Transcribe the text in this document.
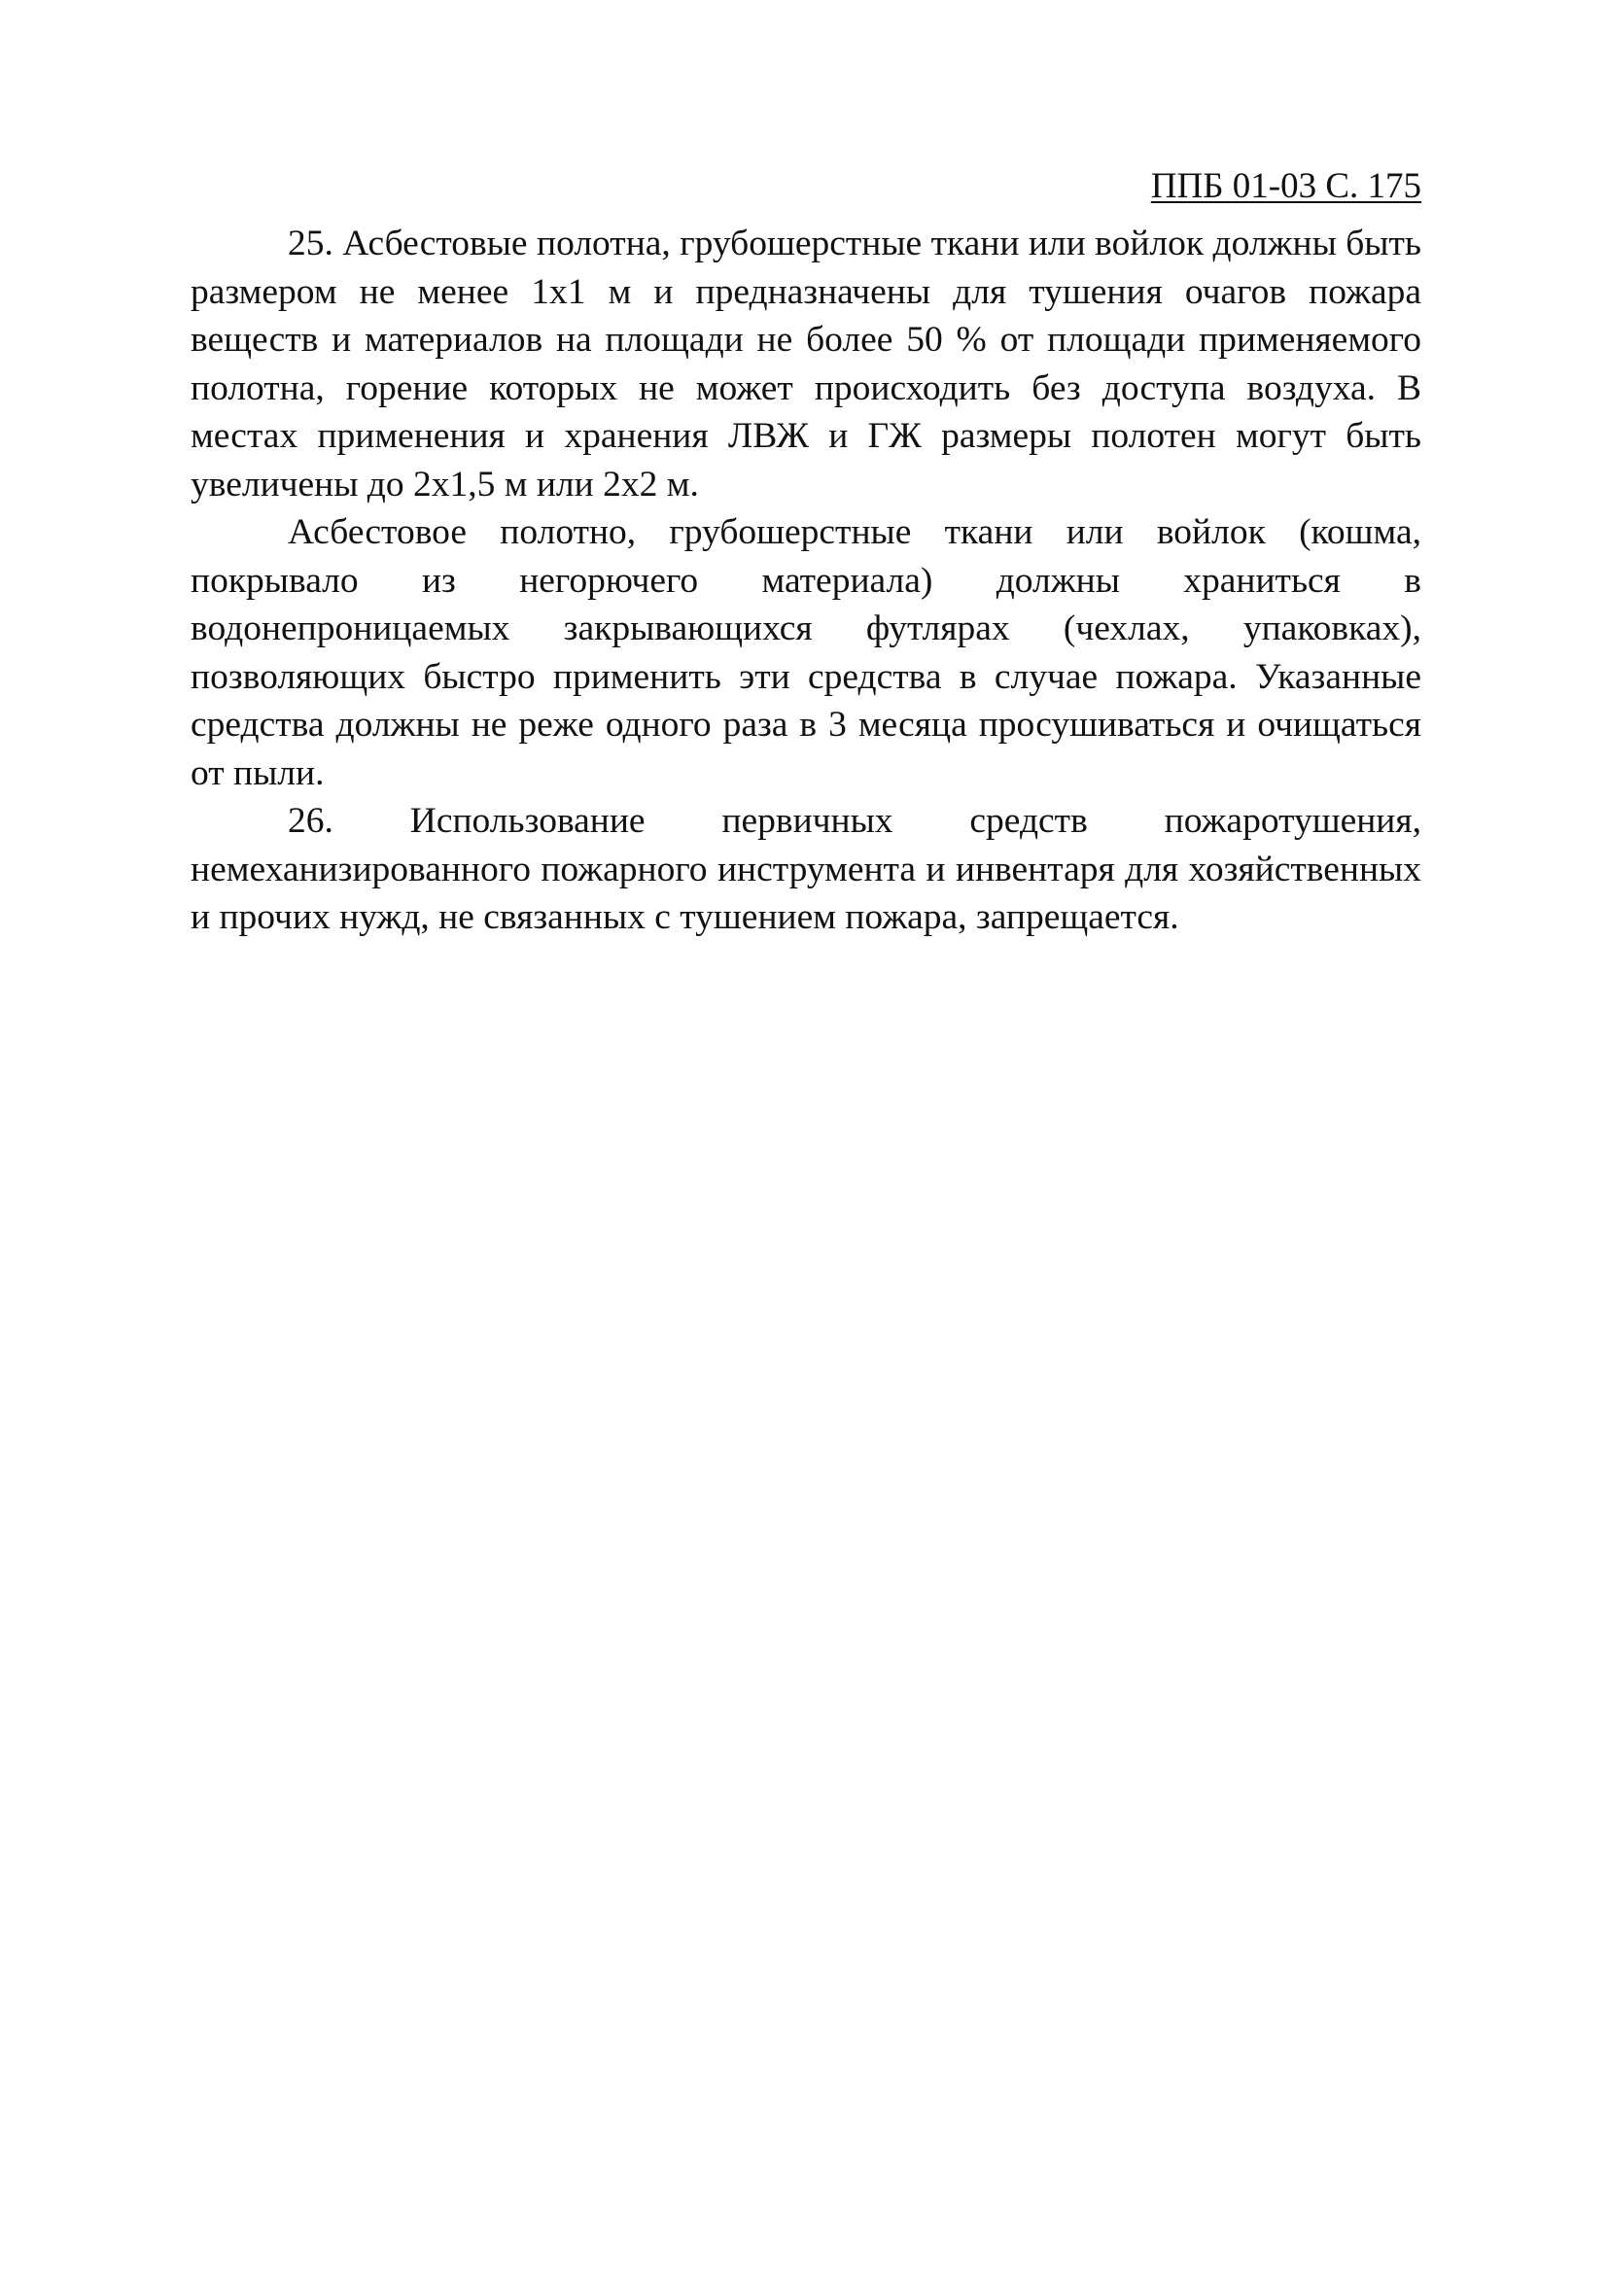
ППБ 01-03 С. 175

25. Асбестовые полотна, грубошерстные ткани или войлок должны быть размером не менее 1х1 м и предназначены для тушения очагов пожара веществ и материалов на площади не более 50 % от площади применяемого полотна, горение которых не может происходить без доступа воздуха. В местах применения и хранения ЛВЖ и ГЖ размеры полотен могут быть увеличены до 2х1,5 м или 2х2 м.

Асбестовое полотно, грубошерстные ткани или войлок (кошма, покрывало из негорючего материала) должны храниться в водонепроницаемых закрывающихся футлярах (чехлах, упаковках), позволяющих быстро применить эти средства в случае пожара. Указанные средства должны не реже одного раза в 3 месяца просушиваться и очищаться от пыли.

26. Использование первичных средств пожаротушения, немеханизированного пожарного инструмента и инвентаря для хозяйственных и прочих нужд, не связанных с тушением пожара, запрещается.
